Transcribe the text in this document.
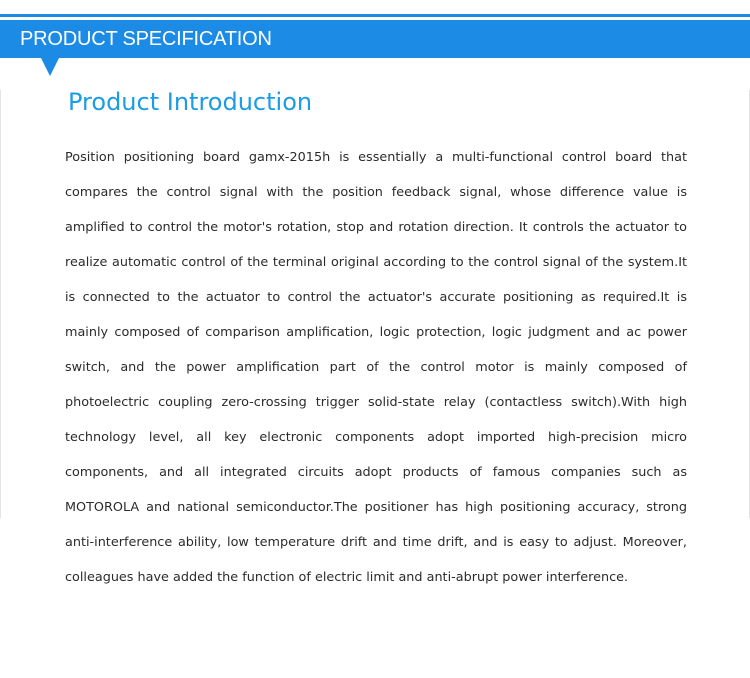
PRODUCT SPECIFICATION
Product Introduction

Position positioning board gamx-2015h is essentially a multi-functional control board that compares the control signal with the position feedback signal, whose difference value is amplified to control the motor's rotation, stop and rotation direction. It controls the actuator to realize automatic control of the terminal original according to the control signal of the system.It is connected to the actuator to control the actuator's accurate positioning as required.It is mainly composed of comparison amplification, logic protection, logic judgment and ac power switch, and the power amplification part of the control motor is mainly composed of photoelectric coupling zero-crossing trigger solid-state relay (contactless switch).With high technology level, all key electronic components adopt imported high-precision micro components, and all integrated circuits adopt products of famous companies such as MOTOROLA and national semiconductor.The positioner has high positioning accuracy, strong anti-interference ability, low temperature drift and time drift, and is easy to adjust. Moreover, colleagues have added the function of electric limit and anti-abrupt power interference.
